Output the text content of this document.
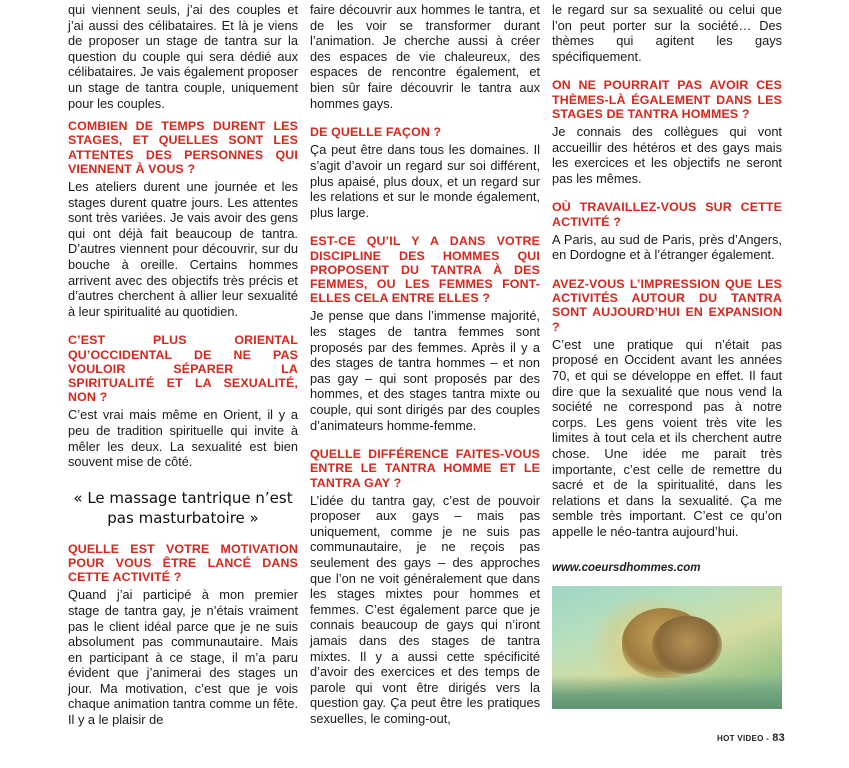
qui viennent seuls, j’ai des couples et j’ai aussi des célibataires. Et là je viens de proposer un stage de tantra sur la question du couple qui sera dédié aux célibataires. Je vais également proposer un stage de tantra couple, uniquement pour les couples.

COMBIEN DE TEMPS DURENT LES STAGES, ET QUELLES SONT LES ATTENTES DES PERSONNES QUI VIENNENT À VOUS ?

Les ateliers durent une journée et les stages durent quatre jours. Les attentes sont très variées. Je vais avoir des gens qui ont déjà fait beaucoup de tantra. D’autres viennent pour découvrir, sur du bouche à oreille. Certains hommes arrivent avec des objectifs très précis et d’autres cherchent à allier leur sexualité à leur spiritualité au quotidien.

C’EST PLUS ORIENTAL QU’OCCIDENTAL DE NE PAS VOULOIR SÉPARER LA SPIRITUALITÉ ET LA SEXUALITÉ, NON ?

C’est vrai mais même en Orient, il y a peu de tradition spirituelle qui invite à mêler les deux. La sexualité est bien souvent mise de côté.

« Le massage tantrique n’est pas masturbatoire »
QUELLE EST VOTRE MOTIVATION POUR VOUS ÊTRE LANCÉ DANS CETTE ACTIVITÉ ?

Quand j’ai participé à mon premier stage de tantra gay, je n’étais vraiment pas le client idéal parce que je ne suis absolument pas communautaire. Mais en participant à ce stage, il m’a paru évident que j’animerai des stages un jour. Ma motivation, c’est que je vois chaque animation tantra comme un fête. Il y a le plaisir de

faire découvrir aux hommes le tantra, et de les voir se transformer durant l’animation. Je cherche aussi à créer des espaces de vie chaleureux, des espaces de rencontre également, et bien sûr faire découvrir le tantra aux hommes gays.

DE QUELLE FAÇON ?

Ça peut être dans tous les domaines. Il s’agit d’avoir un regard sur soi différent, plus apaisé, plus doux, et un regard sur les relations et sur le monde également, plus large.

EST-CE QU’IL Y A DANS VOTRE DISCIPLINE DES HOMMES QUI PROPOSENT DU TANTRA À DES FEMMES, OU LES FEMMES FONT-ELLES CELA ENTRE ELLES ?

Je pense que dans l’immense majorité, les stages de tantra femmes sont proposés par des femmes. Après il y a des stages de tantra hommes – et non pas gay – qui sont proposés par des hommes, et des stages tantra mixte ou couple, qui sont dirigés par des couples d’animateurs homme-femme.

QUELLE DIFFÉRENCE FAITES-VOUS ENTRE LE TANTRA HOMME ET LE TANTRA GAY ?

L’idée du tantra gay, c’est de pouvoir proposer aux gays – mais pas uniquement, comme je ne suis pas communautaire, je ne reçois pas seulement des gays – des approches que l’on ne voit généralement que dans les stages mixtes pour hommes et femmes. C’est également parce que je connais beaucoup de gays qui n’iront jamais dans des stages de tantra mixtes. Il y a aussi cette spécificité d’avoir des exercices et des temps de parole qui vont être dirigés vers la question gay. Ça peut être les pratiques sexuelles, le coming-out,

le regard sur sa sexualité ou celui que l’on peut porter sur la société… Des thèmes qui agitent les gays spécifiquement.

ON NE POURRAIT PAS AVOIR CES THÈMES-LÀ ÉGALEMENT DANS LES STAGES DE TANTRA HOMMES ?

Je connais des collègues qui vont accueillir des hétéros et des gays mais les exercices et les objectifs ne seront pas les mêmes.

OÙ TRAVAILLEZ-VOUS SUR CETTE ACTIVITÉ ?

A Paris, au sud de Paris, près d’Angers, en Dordogne et à l’étranger également.

AVEZ-VOUS L’IMPRESSION QUE LES ACTIVITÉS AUTOUR DU TANTRA SONT AUJOURD’HUI EN EXPANSION ?

C’est une pratique qui n’était pas proposé en Occident avant les années 70, et qui se développe en effet. Il faut dire que la sexualité que nous vend la société ne correspond pas à notre corps. Les gens voient très vite les limites à tout cela et ils cherchent autre chose. Une idée me parait très importante, c’est celle de remettre du sacré et de la spiritualité, dans les relations et dans la sexualité. Ça me semble très important. C’est ce qu’on appelle le néo-tantra aujourd’hui.

www.coeursdhommes.com
HOT VIDEO - 83
